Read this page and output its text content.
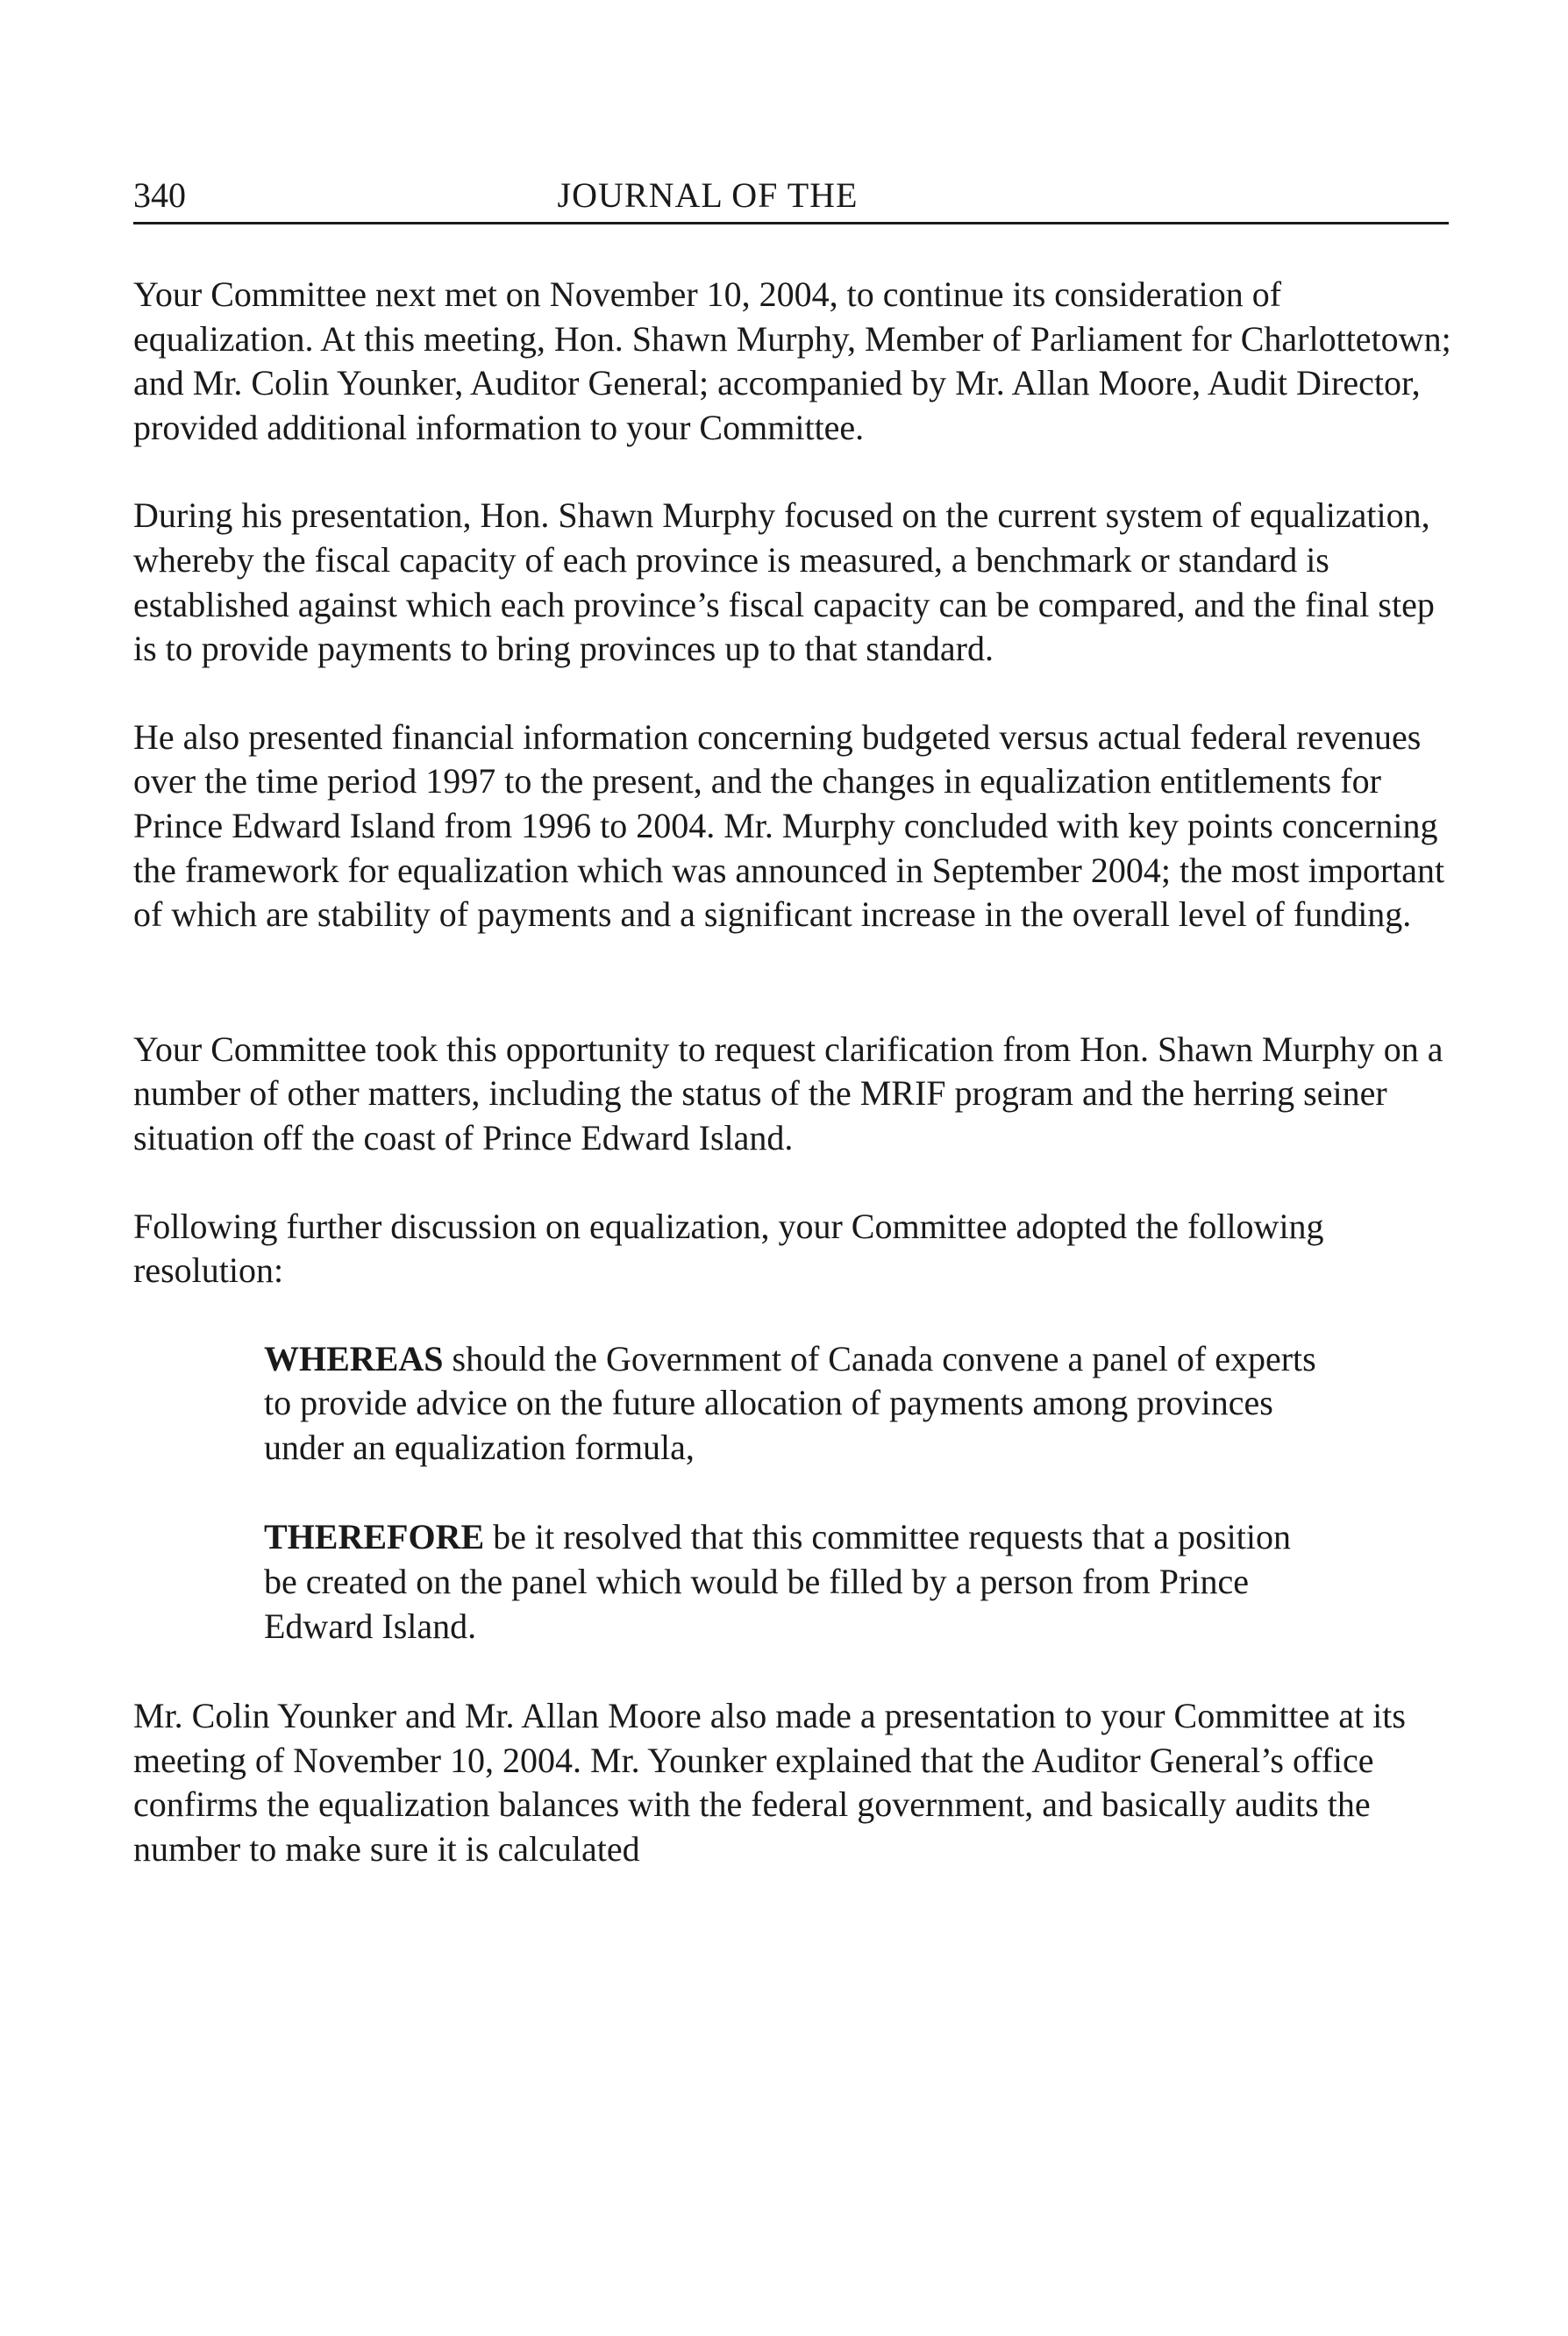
340	JOURNAL OF THE

Your Committee next met on November 10, 2004, to continue its consideration of equalization. At this meeting, Hon. Shawn Murphy, Member of Parliament for Charlottetown; and Mr. Colin Younker, Auditor General; accompanied by Mr. Allan Moore, Audit Director, provided additional information to your Committee.

During his presentation, Hon. Shawn Murphy focused on the current system of equalization, whereby the fiscal capacity of each province is measured, a benchmark or standard is established against which each province’s fiscal capacity can be compared, and the final step is to provide payments to bring provinces up to that standard.

He also presented financial information concerning budgeted versus actual federal revenues over the time period 1997 to the present, and the changes in equalization entitlements for Prince Edward Island from 1996 to 2004. Mr. Murphy concluded with key points concerning the framework for equalization which was announced in September 2004; the most important of which are stability of payments and a significant increase in the overall level of funding.

Your Committee took this opportunity to request clarification from Hon. Shawn Murphy on a number of other matters, including the status of the MRIF program and the herring seiner situation off the coast of Prince Edward Island.

Following further discussion on equalization, your Committee adopted the following resolution:

WHEREAS should the Government of Canada convene a panel of experts to provide advice on the future allocation of payments among provinces under an equalization formula,

THEREFORE be it resolved that this committee requests that a position be created on the panel which would be filled by a person from Prince Edward Island.

Mr. Colin Younker and Mr. Allan Moore also made a presentation to your Committee at its meeting of November 10, 2004. Mr. Younker explained that the Auditor General’s office confirms the equalization balances with the federal government, and basically audits the number to make sure it is calculated
